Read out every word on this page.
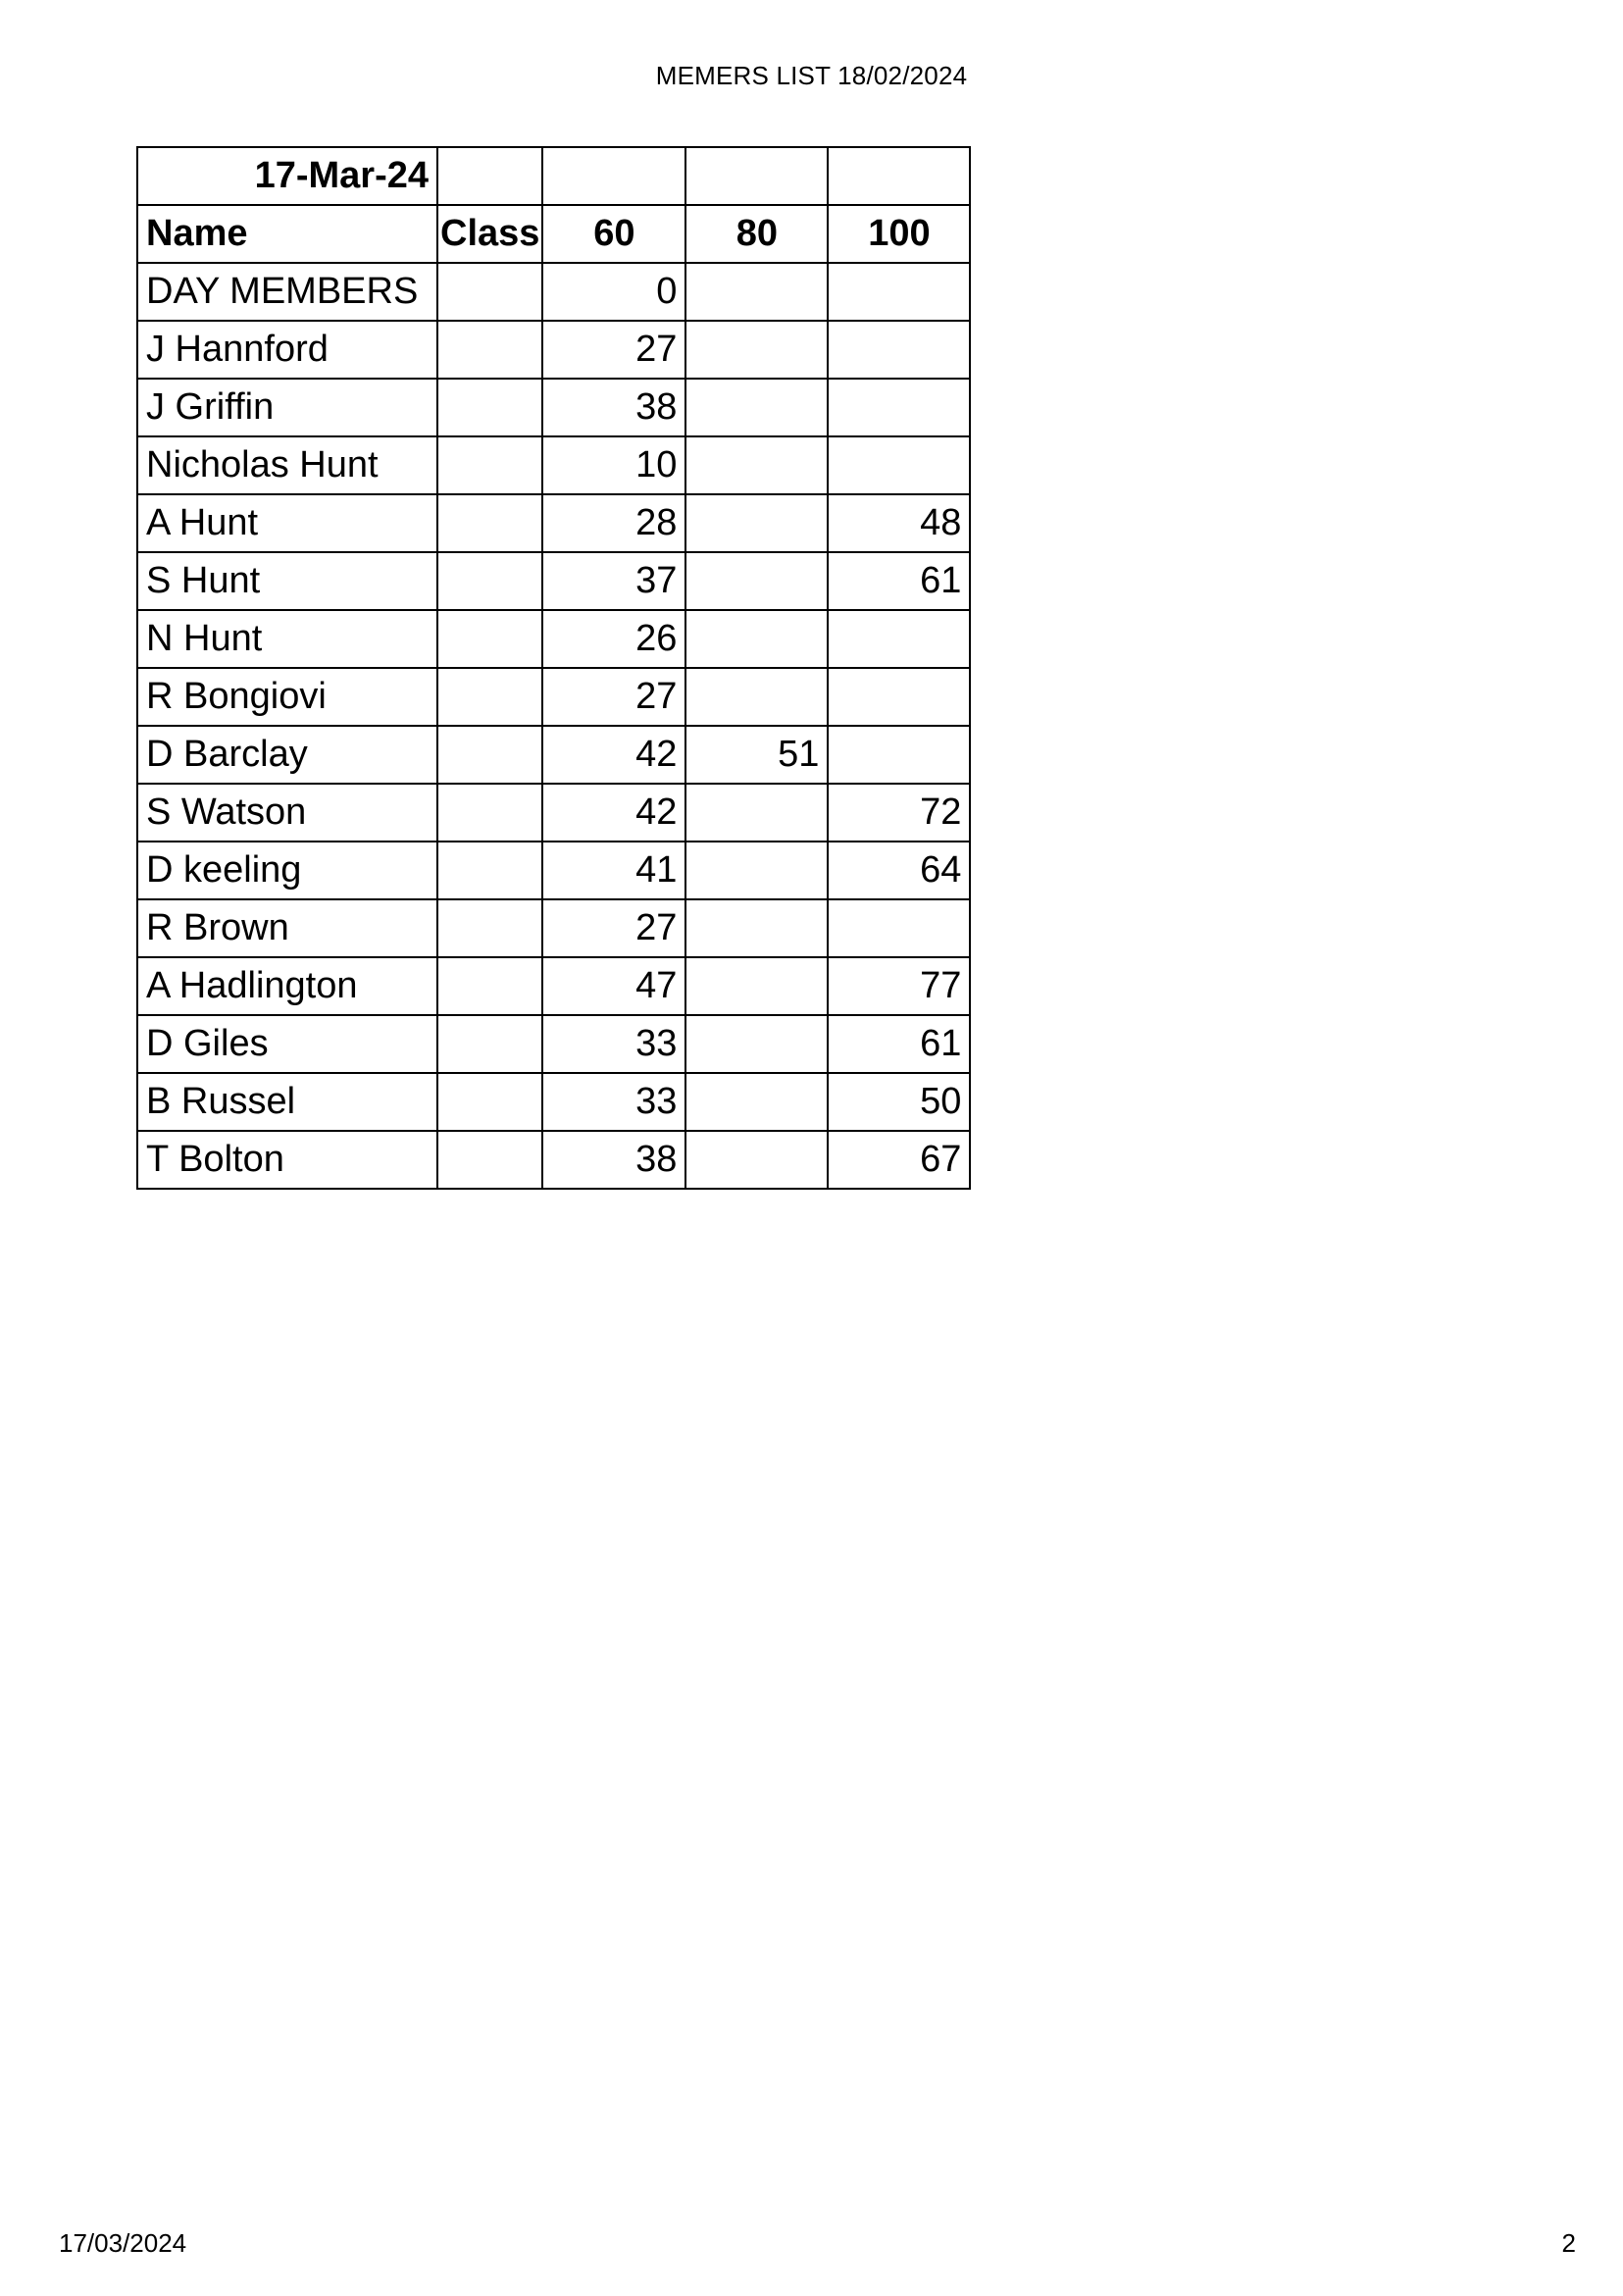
MEMERS LIST 18/02/2024
17-Mar-24				
Name	Class	60	80	100
DAY MEMBERS		0		
J Hannford		27		
J Griffin		38		
Nicholas Hunt		10		
A Hunt		28		48
S Hunt		37		61
N Hunt		26		
R Bongiovi		27		
D Barclay		42	51	
S Watson		42		72
D keeling		41		64
R Brown		27		
A Hadlington		47		77
D Giles		33		61
B Russel		33		50
T Bolton		38		67
17/03/2024	2
